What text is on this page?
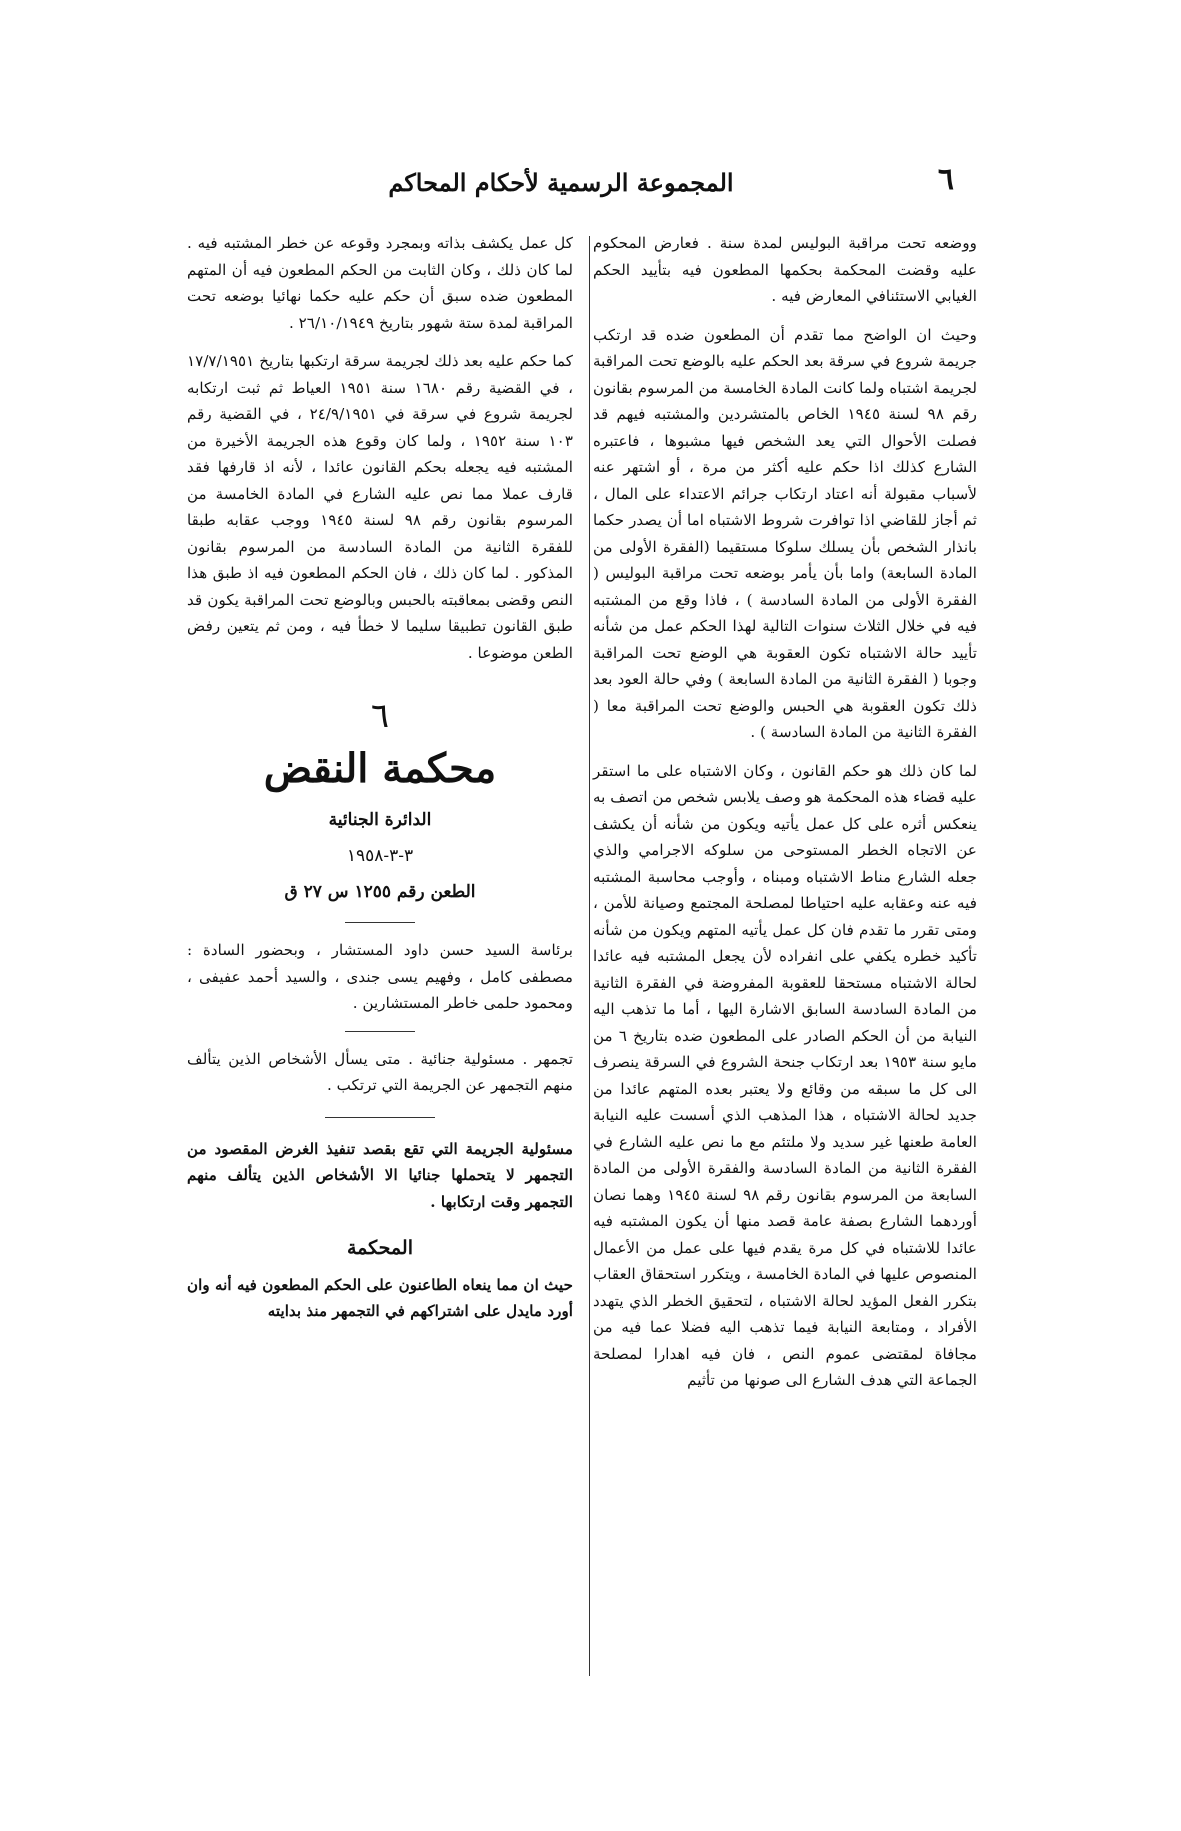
المجموعة الرسمية لأحكام المحاكم	٦

ووضعه تحت مراقبة البوليس لمدة سنة . فعارض المحكوم عليه وقضت المحكمة بحكمها المطعون فيه بتأييد الحكم الغيابي الاستئنافي المعارض فيه .

وحيث ان الواضح مما تقدم أن المطعون ضده قد ارتكب جريمة شروع في سرقة بعد الحكم عليه بالوضع تحت المراقبة لجريمة اشتباه ولما كانت المادة الخامسة من المرسوم بقانون رقم ٩٨ لسنة ١٩٤٥ الخاص بالمتشردين والمشتبه فيهم قد فصلت الأحوال التي يعد الشخص فيها مشبوها ، فاعتبره الشارع كذلك اذا حكم عليه أكثر من مرة ، أو اشتهر عنه لأسباب مقبولة أنه اعتاد ارتكاب جرائم الاعتداء على المال ، ثم أجاز للقاضي اذا توافرت شروط الاشتباه اما أن يصدر حكما بانذار الشخص بأن يسلك سلوكا مستقيما (الفقرة الأولى من المادة السابعة) واما بأن يأمر بوضعه تحت مراقبة البوليس ( الفقرة الأولى من المادة السادسة ) ، فاذا وقع من المشتبه فيه في خلال الثلاث سنوات التالية لهذا الحكم عمل من شأنه تأييد حالة الاشتباه تكون العقوبة هي الوضع تحت المراقبة وجوبا ( الفقرة الثانية من المادة السابعة ) وفي حالة العود بعد ذلك تكون العقوبة هي الحبس والوضع تحت المراقبة معا ( الفقرة الثانية من المادة السادسة ) .

لما كان ذلك هو حكم القانون ، وكان الاشتباه على ما استقر عليه قضاء هذه المحكمة هو وصف يلابس شخص من اتصف به ينعكس أثره على كل عمل يأتيه ويكون من شأنه أن يكشف عن الاتجاه الخطر المستوحى من سلوكه الاجرامي والذي جعله الشارع مناط الاشتباه ومبناه ، وأوجب محاسبة المشتبه فيه عنه وعقابه عليه احتياطا لمصلحة المجتمع وصيانة للأمن ، ومتى تقرر ما تقدم فان كل عمل يأتيه المتهم ويكون من شأنه تأكيد خطره يكفي على انفراده لأن يجعل المشتبه فيه عائدا لحالة الاشتباه مستحقا للعقوبة المفروضة في الفقرة الثانية من المادة السادسة السابق الاشارة اليها ، أما ما تذهب اليه النيابة من أن الحكم الصادر على المطعون ضده بتاريخ ٦ من مايو سنة ١٩٥٣ بعد ارتكاب جنحة الشروع في السرقة ينصرف الى كل ما سبقه من وقائع ولا يعتبر بعده المتهم عائدا من جديد لحالة الاشتباه ، هذا المذهب الذي أسست عليه النيابة العامة طعنها غير سديد ولا ملتئم مع ما نص عليه الشارع في الفقرة الثانية من المادة السادسة والفقرة الأولى من المادة السابعة من المرسوم بقانون رقم ٩٨ لسنة ١٩٤٥ وهما نصان أوردهما الشارع بصفة عامة قصد منها أن يكون المشتبه فيه عائدا للاشتباه في كل مرة يقدم فيها على عمل من الأعمال المنصوص عليها في المادة الخامسة ، ويتكرر استحقاق العقاب بتكرر الفعل المؤيد لحالة الاشتباه ، لتحقيق الخطر الذي يتهدد الأفراد ، ومتابعة النيابة فيما تذهب اليه فضلا عما فيه من مجافاة لمقتضى عموم النص ، فان فيه اهدارا لمصلحة الجماعة التي هدف الشارع الى صونها من تأثيم

كل عمل يكشف بذاته وبمجرد وقوعه عن خطر المشتبه فيه . لما كان ذلك ، وكان الثابت من الحكم المطعون فيه أن المتهم المطعون ضده سبق أن حكم عليه حكما نهائيا بوضعه تحت المراقبة لمدة ستة شهور بتاريخ ٢٦/١٠/١٩٤٩ .

كما حكم عليه بعد ذلك لجريمة سرقة ارتكبها بتاريخ ١٧/٧/١٩٥١ ، في القضية رقم ١٦٨٠ سنة ١٩٥١ العياط ثم ثبت ارتكابه لجريمة شروع في سرقة في ٢٤/٩/١٩٥١ ، في القضية رقم ١٠٣ سنة ١٩٥٢ ، ولما كان وقوع هذه الجريمة الأخيرة من المشتبه فيه يجعله بحكم القانون عائدا ، لأنه اذ قارفها فقد قارف عملا مما نص عليه الشارع في المادة الخامسة من المرسوم بقانون رقم ٩٨ لسنة ١٩٤٥ ووجب عقابه طبقا للفقرة الثانية من المادة السادسة من المرسوم بقانون المذكور . لما كان ذلك ، فان الحكم المطعون فيه اذ طبق هذا النص وقضى بمعاقبته بالحبس وبالوضع تحت المراقبة يكون قد طبق القانون تطبيقا سليما لا خطأ فيه ، ومن ثم يتعين رفض الطعن موضوعا .

٦
محكمة النقض
الدائرة الجنائية
٣-٣-١٩٥٨
الطعن رقم ١٢٥٥ س ٢٧ ق

برئاسة السيد حسن داود المستشار ، وبحضور السادة : مصطفى كامل ، وفهيم يسى جندى ، والسيد أحمد عفيفى ، ومحمود حلمى خاطر المستشارين .

تجمهر . مسئولية جنائية . متى يسأل الأشخاص الذين يتألف منهم التجمهر عن الجريمة التي ترتكب .

مسئولية الجريمة التي تقع بقصد تنفيذ الغرض المقصود من التجمهر لا يتحملها جنائيا الا الأشخاص الذين يتألف منهم التجمهر وقت ارتكابها .

المحكمة

حيث ان مما ينعاه الطاعنون على الحكم المطعون فيه أنه وان أورد مايدل على اشتراكهم في التجمهر منذ بدايته
